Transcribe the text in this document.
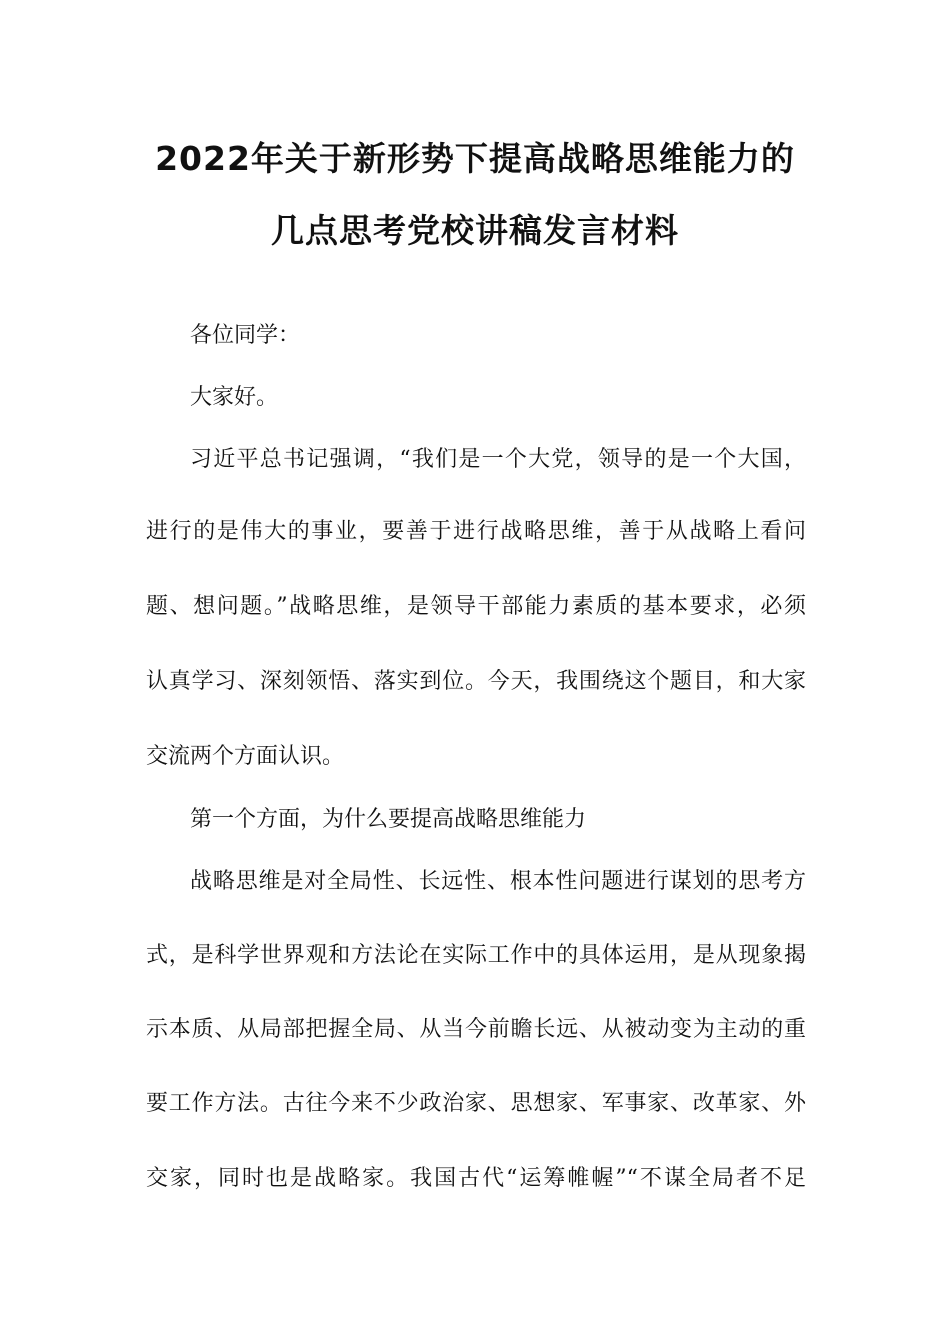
2022年关于新形势下提高战略思维能力的
几点思考党校讲稿发言材料
各位同学：
大家好。
习近平总书记强调，“我们是一个大党，领导的是一个大国，
进行的是伟大的事业，要善于进行战略思维，善于从战略上看问
题、想问题。”战略思维，是领导干部能力素质的基本要求，必须
认真学习、深刻领悟、落实到位。今天，我围绕这个题目，和大家
交流两个方面认识。
第一个方面，为什么要提高战略思维能力
战略思维是对全局性、长远性、根本性问题进行谋划的思考方
式，是科学世界观和方法论在实际工作中的具体运用，是从现象揭
示本质、从局部把握全局、从当今前瞻长远、从被动变为主动的重
要工作方法。古往今来不少政治家、思想家、军事家、改革家、外
交家，同时也是战略家。我国古代“运筹帷幄”“不谋全局者不足
